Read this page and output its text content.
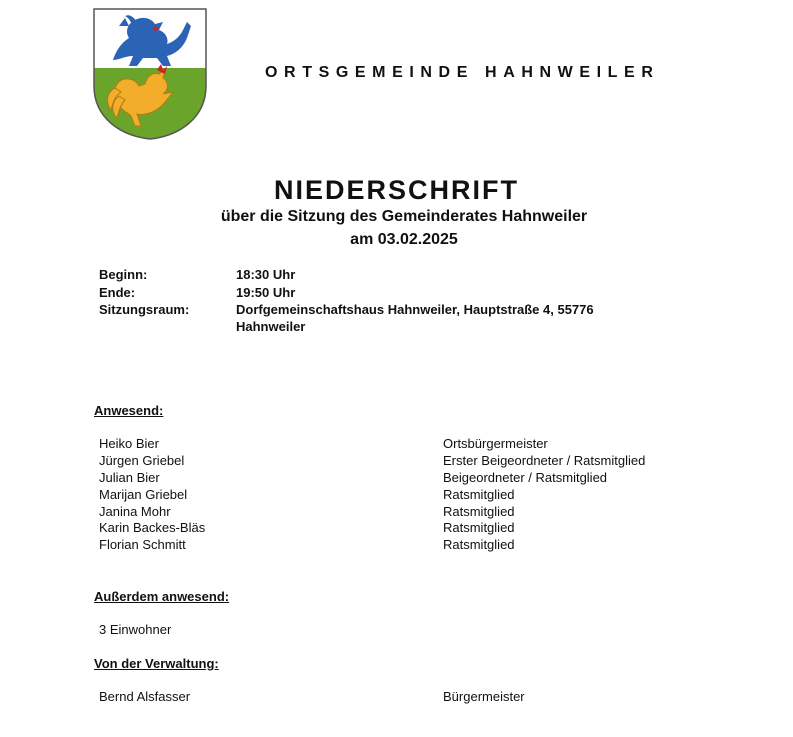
ORTSGEMEINDE HAHNWEILER
NIEDERSCHRIFT
über die Sitzung des Gemeinderates Hahnweiler
am 03.02.2025
Beginn:	18:30 Uhr
Ende:	19:50 Uhr
Sitzungsraum:	Dorfgemeinschaftshaus Hahnweiler, Hauptstraße 4, 55776 Hahnweiler
Anwesend:
Heiko Bier	Ortsbürgermeister
Jürgen Griebel	Erster Beigeordneter / Ratsmitglied
Julian Bier	Beigeordneter / Ratsmitglied
Marijan Griebel	Ratsmitglied
Janina Mohr	Ratsmitglied
Karin Backes-Bläs	Ratsmitglied
Florian Schmitt	Ratsmitglied
Außerdem anwesend:
3 Einwohner
Von der Verwaltung:
Bernd Alsfasser	Bürgermeister
